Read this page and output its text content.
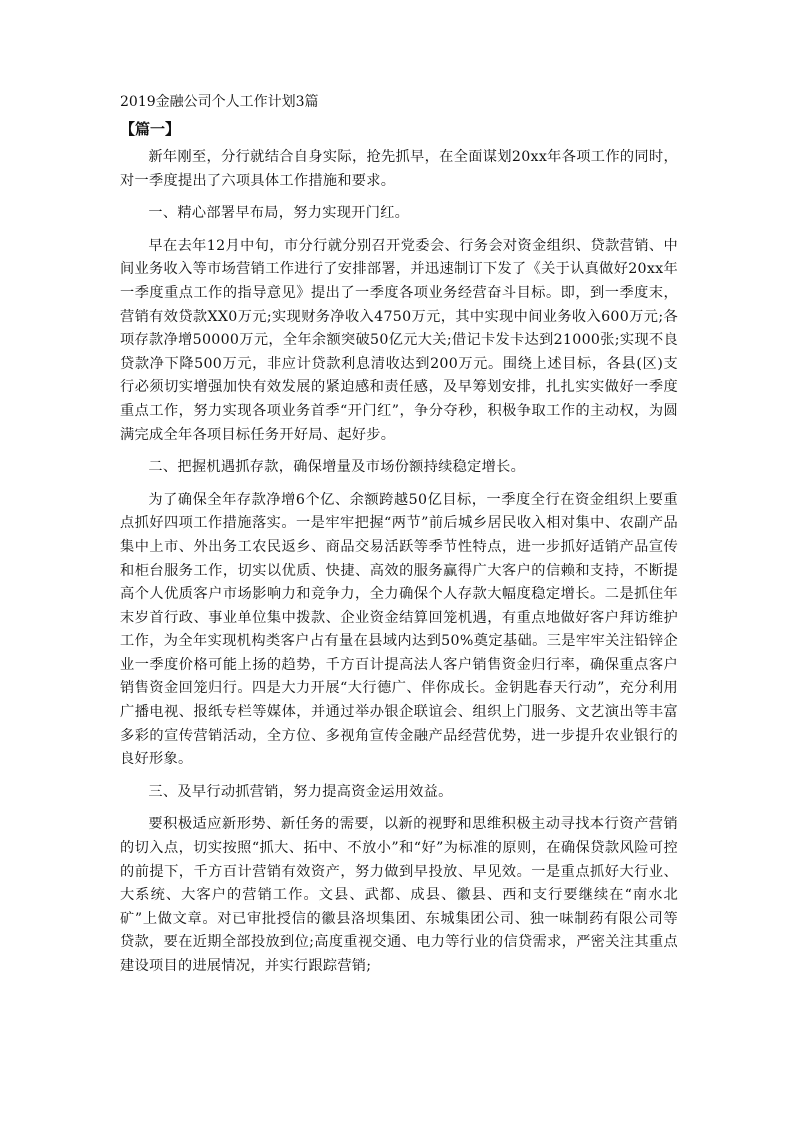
2019金融公司个人工作计划3篇
【篇一】

新年刚至，分行就结合自身实际，抢先抓早，在全面谋划20xx年各项工作的同时，对一季度提出了六项具体工作措施和要求。

一、精心部署早布局，努力实现开门红。

早在去年12月中旬，市分行就分别召开党委会、行务会对资金组织、贷款营销、中间业务收入等市场营销工作进行了安排部署，并迅速制订下发了《关于认真做好20xx年一季度重点工作的指导意见》提出了一季度各项业务经营奋斗目标。即，到一季度末，营销有效贷款XX0万元;实现财务净收入4750万元，其中实现中间业务收入600万元;各项存款净增50000万元，全年余额突破50亿元大关;借记卡发卡达到21000张;实现不良贷款净下降500万元，非应计贷款利息清收达到200万元。围绕上述目标，各县(区)支行必须切实增强加快有效发展的紧迫感和责任感，及早筹划安排，扎扎实实做好一季度重点工作，努力实现各项业务首季“开门红”，争分夺秒，积极争取工作的主动权，为圆满完成全年各项目标任务开好局、起好步。

二、把握机遇抓存款，确保增量及市场份额持续稳定增长。

为了确保全年存款净增6个亿、余额跨越50亿目标，一季度全行在资金组织上要重点抓好四项工作措施落实。一是牢牢把握“两节”前后城乡居民收入相对集中、农副产品集中上市、外出务工农民返乡、商品交易活跃等季节性特点，进一步抓好适销产品宣传和柜台服务工作，切实以优质、快捷、高效的服务赢得广大客户的信赖和支持，不断提高个人优质客户市场影响力和竞争力，全力确保个人存款大幅度稳定增长。二是抓住年末岁首行政、事业单位集中拨款、企业资金结算回笼机遇，有重点地做好客户拜访维护工作，为全年实现机构类客户占有量在县域内达到50%奠定基础。三是牢牢关注铅锌企业一季度价格可能上扬的趋势，千方百计提高法人客户销售资金归行率，确保重点客户销售资金回笼归行。四是大力开展“大行德广、伴你成长。金钥匙春天行动”，充分利用广播电视、报纸专栏等媒体，并通过举办银企联谊会、组织上门服务、文艺演出等丰富多彩的宣传营销活动，全方位、多视角宣传金融产品经营优势，进一步提升农业银行的良好形象。

三、及早行动抓营销，努力提高资金运用效益。

要积极适应新形势、新任务的需要，以新的视野和思维积极主动寻找本行资产营销的切入点，切实按照“抓大、拓中、不放小”和“好”为标准的原则，在确保贷款风险可控的前提下，千方百计营销有效资产，努力做到早投放、早见效。一是重点抓好大行业、大系统、大客户的营销工作。文县、武都、成县、徽县、西和支行要继续在“南水北矿”上做文章。对已审批授信的徽县洛坝集团、东城集团公司、独一味制药有限公司等贷款，要在近期全部投放到位;高度重视交通、电力等行业的信贷需求，严密关注其重点建设项目的进展情况，并实行跟踪营销;
